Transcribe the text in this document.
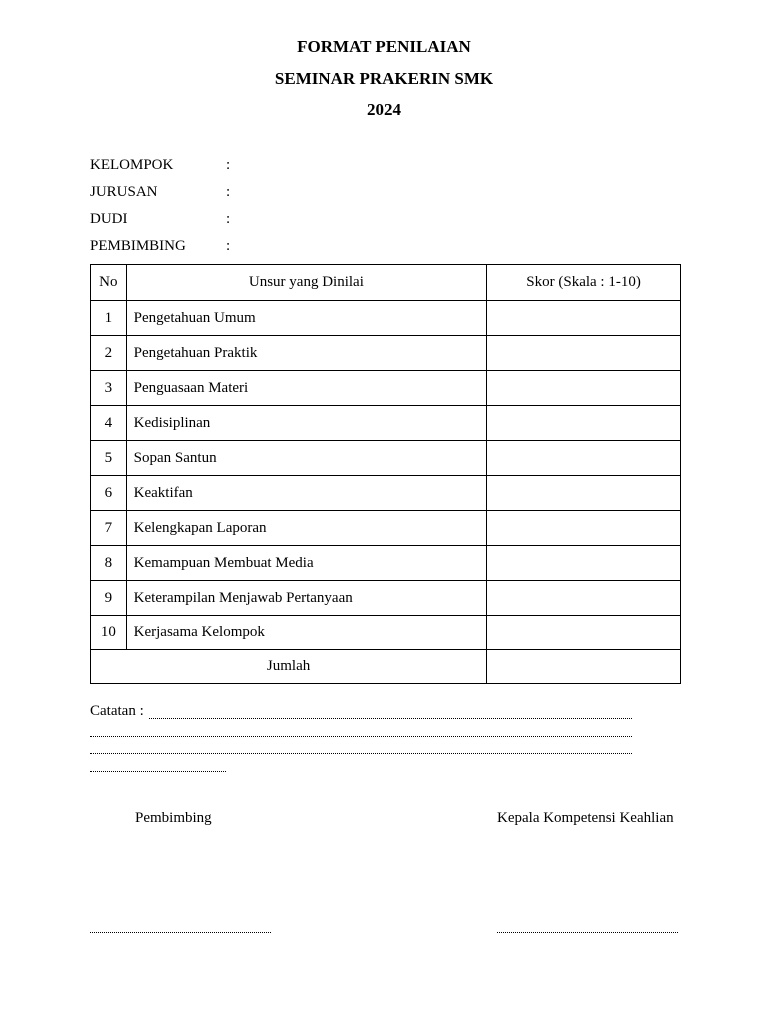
FORMAT PENILAIAN
SEMINAR PRAKERIN SMK
2024
KELOMPOK	:
JURUSAN	:
DUDI	:
PEMBIMBING	:
No	Unsur yang Dinilai	Skor (Skala : 1-10)
1	Pengetahuan Umum	
2	Pengetahuan Praktik	
3	Penguasaan Materi	
4	Kedisiplinan	
5	Sopan Santun	
6	Keaktifan	
7	Kelengkapan Laporan	
8	Kemampuan Membuat Media	
9	Keterampilan Menjawab Pertanyaan	
10	Kerjasama Kelompok	
Jumlah		
Catatan :
Pembimbing	Kepala Kompetensi Keahlian
